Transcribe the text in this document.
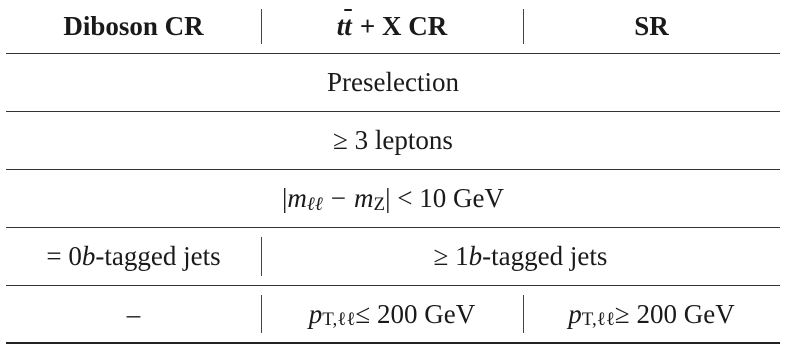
Diboson CR	t $\overline{t} + X$ CR	SR
Preselection
≥ 3 leptons
| m ℓℓ − m Z | < 10 GeV
= 0 b -tagged jets	≥ 1 b -tagged jets
–	p T,ℓℓ ≤ 200 GeV	p T,ℓℓ ≥ 200 GeV
